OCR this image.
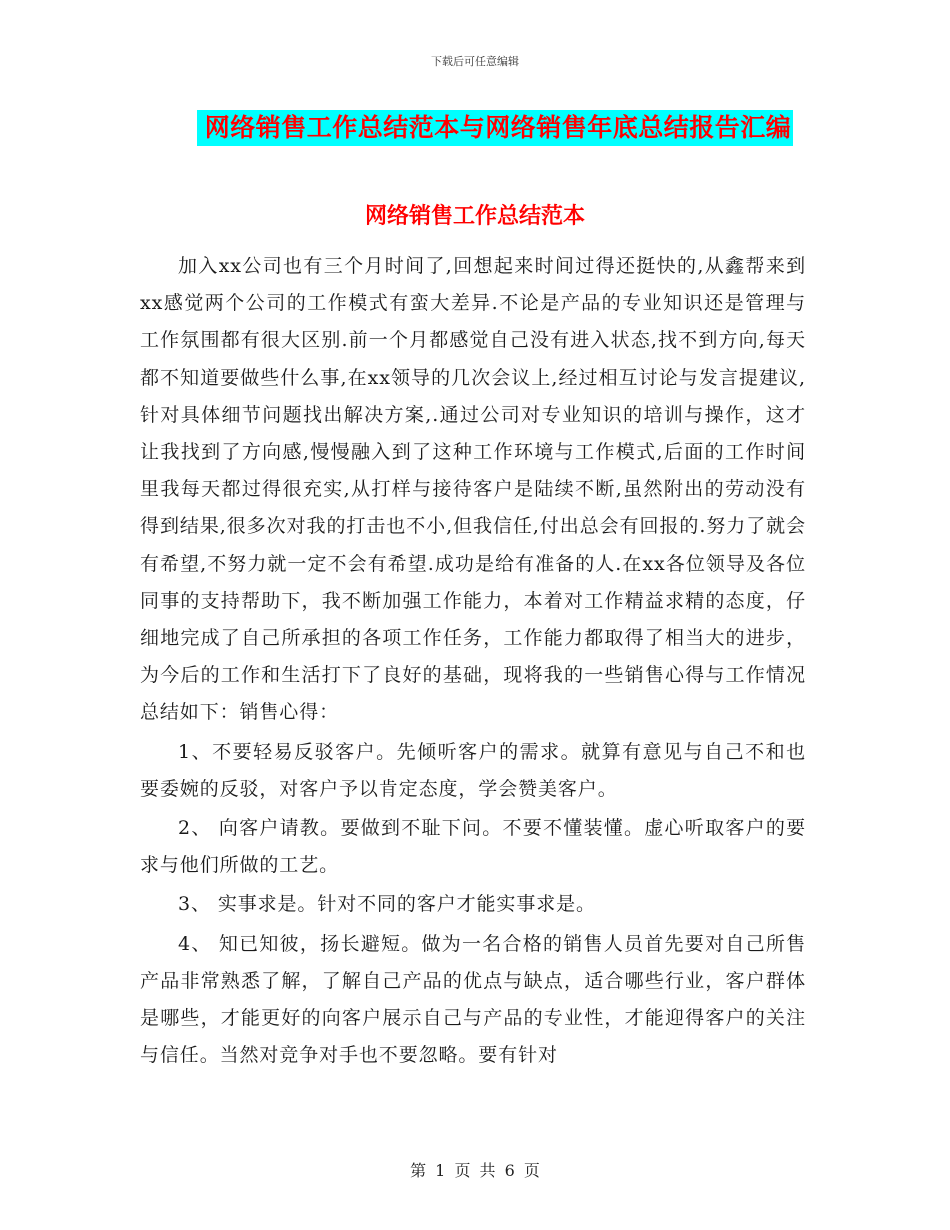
下载后可任意编辑
网络销售工作总结范本与网络销售年底总结报告汇编
网络销售工作总结范本

加入xx公司也有三个月时间了,回想起来时间过得还挺快的,从鑫帮来到xx感觉两个公司的工作模式有蛮大差异.不论是产品的专业知识还是管理与工作氛围都有很大区别.前一个月都感觉自己没有进入状态,找不到方向,每天都不知道要做些什么事,在xx领导的几次会议上,经过相互讨论与发言提建议,针对具体细节问题找出解决方案,.通过公司对专业知识的培训与操作，这才让我找到了方向感,慢慢融入到了这种工作环境与工作模式,后面的工作时间里我每天都过得很充实,从打样与接待客户是陆续不断,虽然附出的劳动没有得到结果,很多次对我的打击也不小,但我信任,付出总会有回报的.努力了就会有希望,不努力就一定不会有希望.成功是给有准备的人.在xx各位领导及各位同事的支持帮助下，我不断加强工作能力，本着对工作精益求精的态度，仔细地完成了自己所承担的各项工作任务，工作能力都取得了相当大的进步，为今后的工作和生活打下了良好的基础，现将我的一些销售心得与工作情况总结如下：销售心得：

1、不要轻易反驳客户。先倾听客户的需求。就算有意见与自己不和也要委婉的反驳，对客户予以肯定态度，学会赞美客户。

2、 向客户请教。要做到不耻下问。不要不懂装懂。虚心听取客户的要求与他们所做的工艺。

3、 实事求是。针对不同的客户才能实事求是。

4、 知已知彼，扬长避短。做为一名合格的销售人员首先要对自己所售产品非常熟悉了解，了解自己产品的优点与缺点，适合哪些行业，客户群体是哪些，才能更好的向客户展示自己与产品的专业性，才能迎得客户的关注与信任。当然对竞争对手也不要忽略。要有针对

第 1 页 共 6 页
